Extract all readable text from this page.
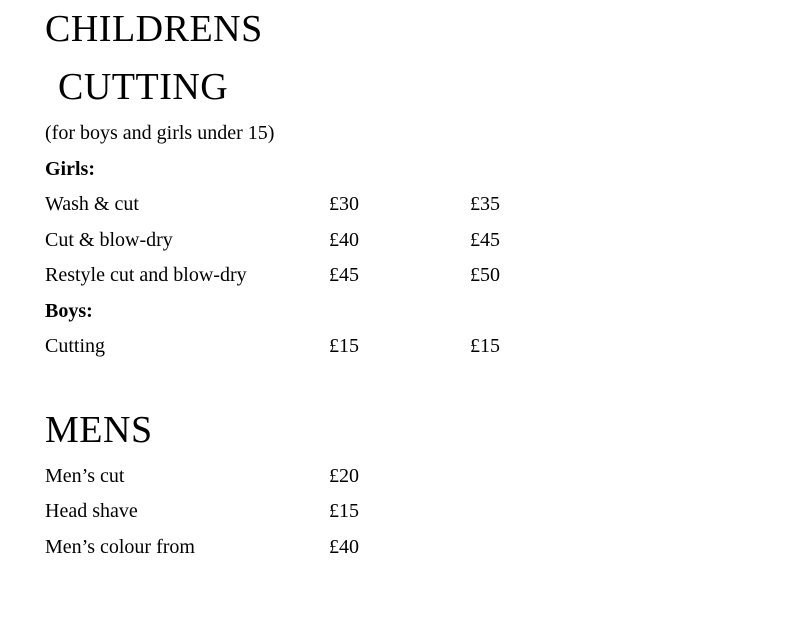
CHILDRENS
CUTTING

(for boys and girls under 15)

Girls:

Wash & cut	£30	£35
Cut & blow-dry	£40	£45
Restyle cut and blow-dry	£45	£50

Boys:

Cutting	£15	£15
MENS
Men’s cut	£20
Head shave	£15
Men’s colour from	£40
